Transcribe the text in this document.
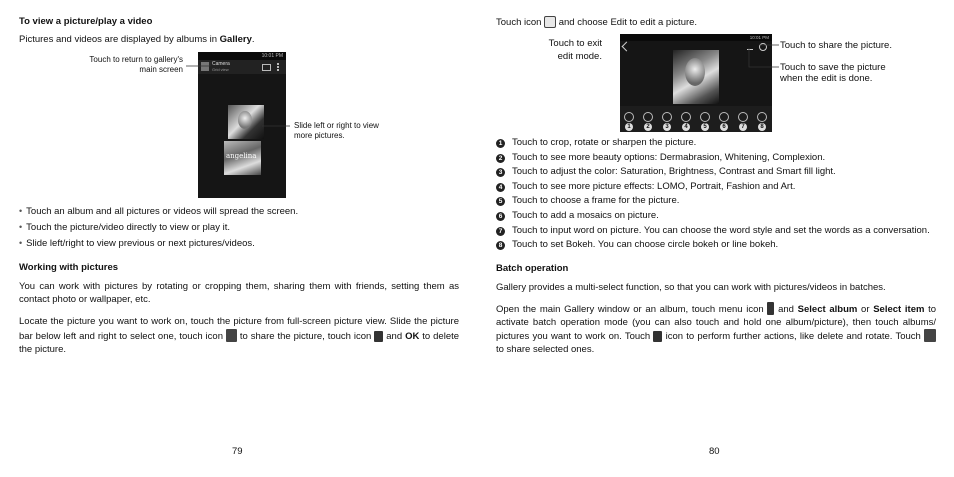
To view a picture/play a video
Pictures and videos are displayed by albums in Gallery.
Touch to return to gallery's
main screen
10:01 PM
Camera
Grid view
angelina
Slide left or right to view
more pictures.
• Touch an album and all pictures or videos will spread the screen.
• Touch the picture/video directly to view or play it.
• Slide left/right to view previous or next pictures/videos.
Working with pictures
You can work with pictures by rotating or cropping them, sharing them with friends, setting them as contact photo or wallpaper, etc.
Locate the picture you want to work on, touch the picture from full-screen picture view. Slide the picture bar below left and right to select one, touch icon to share the picture, touch icon and OK to delete the picture.
79
Touch icon and choose Edit to edit a picture.
Touch to exit
edit mode.
10:01 PM
1	2	3	4	5	6	7	8
Touch to share the picture.
Touch to save the picture
when the edit is done.
1 Touch to crop, rotate or sharpen the picture.
2 Touch to see more beauty options: Dermabrasion, Whitening, Complexion.
3 Touch to adjust the color: Saturation, Brightness, Contrast and Smart fill light.
4 Touch to see more picture effects: LOMO, Portrait, Fashion and Art.
5 Touch to choose a frame for the picture.
6 Touch to add a mosaics on picture.
7 Touch to input word on picture. You can choose the word style and set the words as a conversation.
8 Touch to set Bokeh. You can choose circle bokeh or line bokeh.
Batch operation
Gallery provides a multi-select function, so that you can work with pictures/videos in batches.
Open the main Gallery window or an album, touch menu icon and Select album or Select item to activate batch operation mode (you can also touch and hold one album/picture), then touch albums/ pictures you want to work on. Touch icon to perform further actions, like delete and rotate. Touch  to share selected ones.
80
